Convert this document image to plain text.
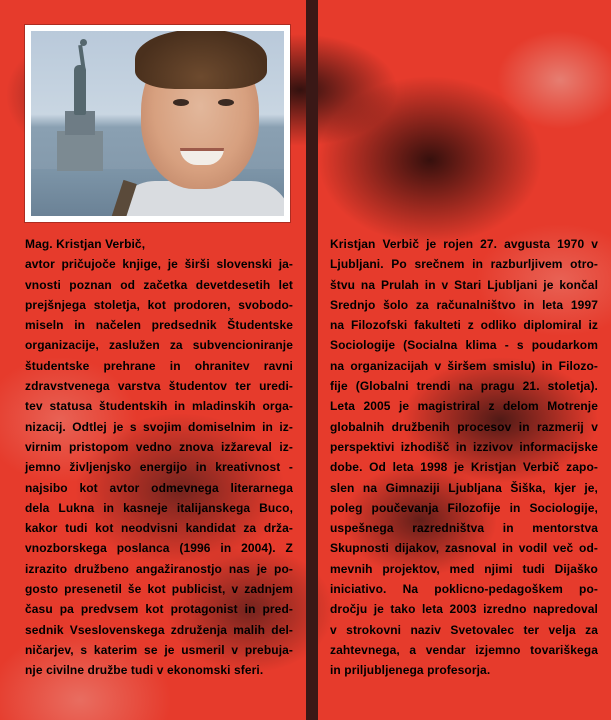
Mag. Kristjan Verbič,

avtor pričujoče knjige, je širši slovenski ja-
vnosti poznan od začetka devetdesetih let
prejšnjega stoletja, kot prodoren, svobodo-
miseln in načelen predsednik Študentske
organizacije, zaslužen za subvencioniranje
študentske prehrane in ohranitev ravni
zdravstvenega varstva študentov ter uredi-
tev statusa študentskih in mladinskih orga-
nizacij. Odtlej je s svojim domiselnim in iz-
virnim pristopom vedno znova izžareval iz-
jemno življenjsko energijo in kreativnost -
najsibo kot avtor odmevnega literarnega
dela Lukna in kasneje italijanskega Buco,
kakor tudi kot neodvisni kandidat za drža-
vnozborskega poslanca (1996 in 2004). Z
izrazito družbeno angažiranostjo nas je po-
gosto presenetil še kot publicist, v zadnjem
času pa predvsem kot protagonist in pred-
sednik Vseslovenskega združenja malih del-
ničarjev, s katerim se je usmeril v prebuja-
nje civilne družbe tudi v ekonomski sferi.
Kristjan Verbič je rojen 27. avgusta 1970 v
Ljubljani. Po srečnem in razburljivem otro-
štvu na Prulah in v Stari Ljubljani je končal
Srednjo šolo za računalništvo in leta 1997
na Filozofski fakulteti z odliko diplomiral iz
Sociologije (Socialna klima - s poudarkom
na organizacijah v širšem smislu) in Filozo-
fije (Globalni trendi na pragu 21. stoletja).
Leta 2005 je magistriral z delom Motrenje
globalnih družbenih procesov in razmerij v
perspektivi izhodišč in izzivov informacijske
dobe. Od leta 1998 je Kristjan Verbič zapo-
slen na Gimnaziji Ljubljana Šiška, kjer je,
poleg poučevanja Filozofije in Sociologije,
uspešnega razredništva in mentorstva
Skupnosti dijakov, zasnoval in vodil več od-
mevnih projektov, med njimi tudi Dijaško
iniciativo. Na poklicno-pedagoškem po-
dročju je tako leta 2003 izredno napredoval
v strokovni naziv Svetovalec ter velja za
zahtevnega, a vendar izjemno tovariškega
in priljubljenega profesorja.
